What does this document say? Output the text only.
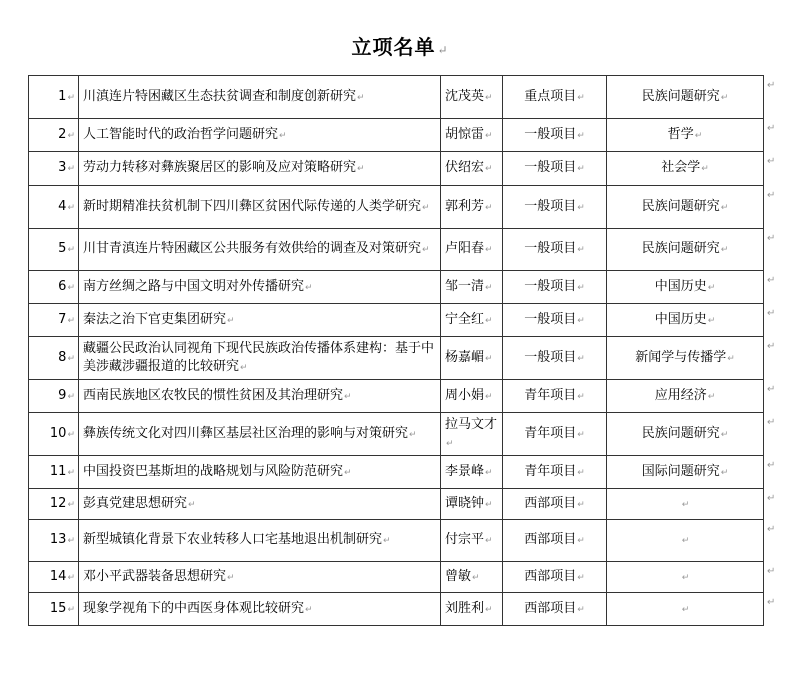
立项名单 ↵
1↵	川滇连片特困藏区生态扶贫调查和制度创新研究↵	沈茂英↵	重点项目↵	民族问题研究↵
2↵	人工智能时代的政治哲学问题研究↵	胡惊雷↵	一般项目↵	哲学↵
3↵	劳动力转移对彝族聚居区的影响及应对策略研究↵	伏绍宏↵	一般项目↵	社会学↵
4↵	新时期精准扶贫机制下四川彝区贫困代际传递的人类学研究↵	郭利芳↵	一般项目↵	民族问题研究↵
5↵	川甘青滇连片特困藏区公共服务有效供给的调查及对策研究↵	卢阳春↵	一般项目↵	民族问题研究↵
6↵	南方丝绸之路与中国文明对外传播研究↵	邹一清↵	一般项目↵	中国历史↵
7↵	秦法之治下官吏集团研究↵	宁全红↵	一般项目↵	中国历史↵
8↵	藏疆公民政治认同视角下现代民族政治传播体系建构：基于中美涉藏涉疆报道的比较研究↵	杨嘉嵋↵	一般项目↵	新闻学与传播学↵
9↵	西南民族地区农牧民的惯性贫困及其治理研究↵	周小娟↵	青年项目↵	应用经济↵
10↵	彝族传统文化对四川彝区基层社区治理的影响与对策研究↵	拉马文才↵	青年项目↵	民族问题研究↵
11↵	中国投资巴基斯坦的战略规划与风险防范研究↵	李景峰↵	青年项目↵	国际问题研究↵
12↵	彭真党建思想研究↵	谭晓钟↵	西部项目↵	↵
13↵	新型城镇化背景下农业转移人口宅基地退出机制研究↵	付宗平↵	西部项目↵	↵
14↵	邓小平武器装备思想研究↵	曾敏↵	西部项目↵	↵
15↵	现象学视角下的中西医身体观比较研究↵	刘胜利↵	西部项目↵	↵
↵
↵
↵
↵
↵
↵
↵
↵
↵
↵
↵
↵
↵
↵
↵
